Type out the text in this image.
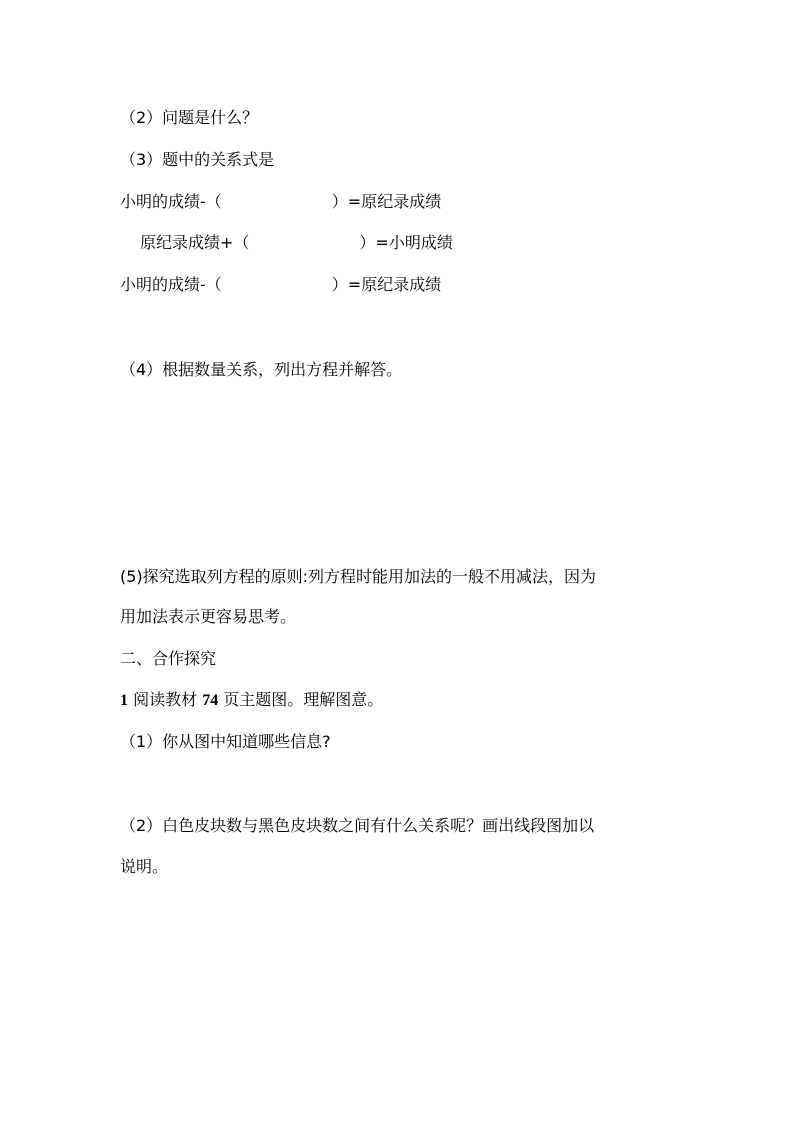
（2）问题是什么？
（3）题中的关系式是
小明的成绩-（	）=原纪录成绩
原纪录成绩+（	）=小明成绩
小明的成绩-（	）=原纪录成绩
（4）根据数量关系，列出方程并解答。
(5)探究选取列方程的原则:列方程时能用加法的一般不用减法，因为
用加法表示更容易思考。
二、合作探究
1 阅读教材 74 页主题图。理解图意。
（1）你从图中知道哪些信息?
（2）白色皮块数与黑色皮块数之间有什么关系呢？画出线段图加以
说明。
